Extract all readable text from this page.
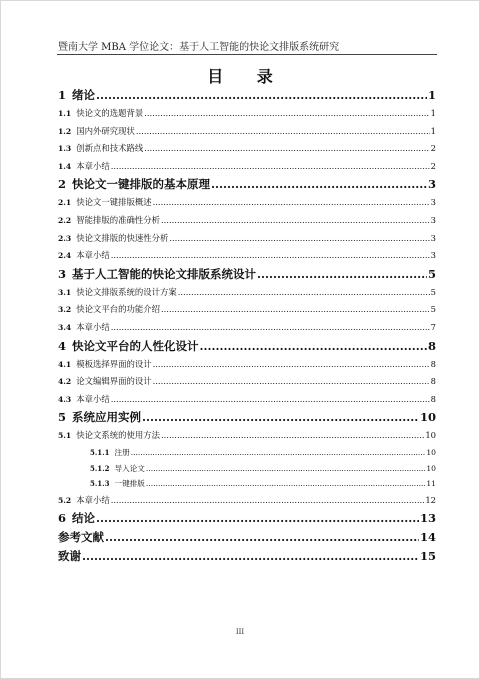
暨南大学 MBA 学位论文：基于人工智能的快论文排版系统研究
目 录
1 绪论 .....	1
1.1 快论文的选题背景 .....	1
1.2 国内外研究现状 .....	1
1.3 创新点和技术路线 .....	2
1.4 本章小结 .....	2
2 快论文一键排版的基本原理 .....	3
2.1 快论文一键排版概述 .....	3
2.2 智能排版的准确性分析 .....	3
2.3 快论文排版的快速性分析 .....	3
2.4 本章小结 .....	3
3 基于人工智能的快论文排版系统设计 .....	5
3.1 快论文排版系统的设计方案 .....	5
3.2 快论文平台的功能介绍 .....	5
3.4 本章小结 .....	7
4 快论文平台的人性化设计 .....	8
4.1 模板选择界面的设计 .....	8
4.2 论文编辑界面的设计 .....	8
4.3 本章小结 .....	8
5 系统应用实例 .....	10
5.1 快论文系统的使用方法 .....	10
5.1.1 注册 .....	10
5.1.2 导入论文 .....	10
5.1.3 一键排版 .....	11
5.2 本章小结 .....	12
6 结论 .....	13
参考文献 .....	14
致谢 .....	15
III
